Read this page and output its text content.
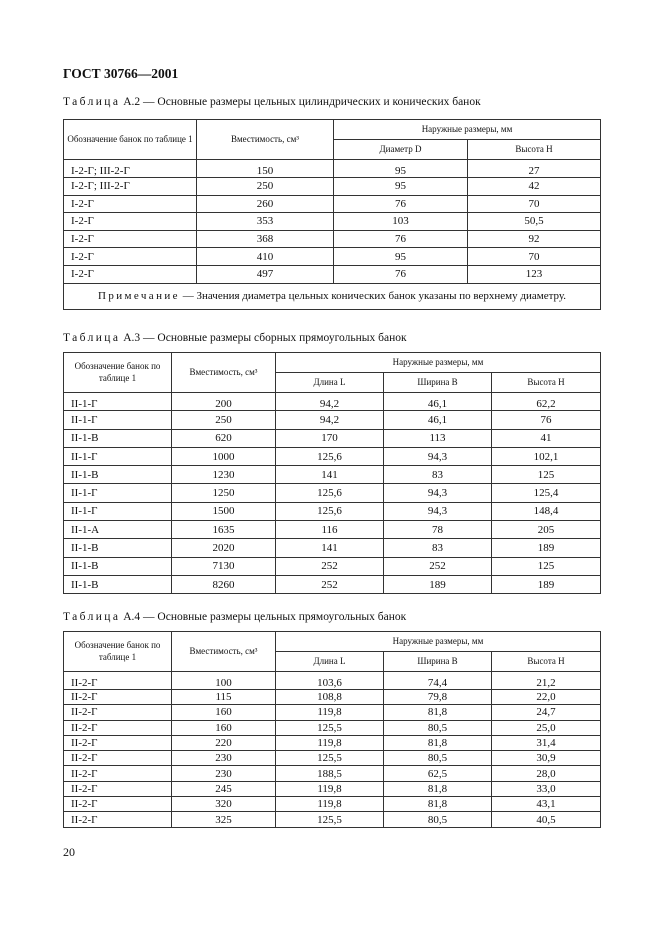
ГОСТ 30766—2001
Таблица А.2 — Основные размеры цельных цилиндрических и конических банок
Обозначение банок по таблице 1	Вместимость, см³	Наружные размеры, мм	
		Диаметр D	Высота H
I-2-Г; III-2-Г	150	95	27
I-2-Г; III-2-Г	250	95	42
I-2-Г	260	76	70
I-2-Г	353	103	50,5
I-2-Г	368	76	92
I-2-Г	410	95	70
I-2-Г	497	76	123
Примечание — Значения диаметра цельных конических банок указаны по верхнему диаметру.			
Таблица А.3 — Основные размеры сборных прямоугольных банок
Обозначение банок по таблице 1	Вместимость, см³	Наружные размеры, мм		
		Длина L	Ширина B	Высота H
II-1-Г	200	94,2	46,1	62,2
II-1-Г	250	94,2	46,1	76
II-1-В	620	170	113	41
II-1-Г	1000	125,6	94,3	102,1
II-1-В	1230	141	83	125
II-1-Г	1250	125,6	94,3	125,4
II-1-Г	1500	125,6	94,3	148,4
II-1-А	1635	116	78	205
II-1-В	2020	141	83	189
II-1-В	7130	252	252	125
II-1-В	8260	252	189	189
Таблица А.4 — Основные размеры цельных прямоугольных банок
Обозначение банок по таблице 1	Вместимость, см³	Наружные размеры, мм		
		Длина L	Ширина B	Высота H
II-2-Г	100	103,6	74,4	21,2
II-2-Г	115	108,8	79,8	22,0
II-2-Г	160	119,8	81,8	24,7
II-2-Г	160	125,5	80,5	25,0
II-2-Г	220	119,8	81,8	31,4
II-2-Г	230	125,5	80,5	30,9
II-2-Г	230	188,5	62,5	28,0
II-2-Г	245	119,8	81,8	33,0
II-2-Г	320	119,8	81,8	43,1
II-2-Г	325	125,5	80,5	40,5
20
